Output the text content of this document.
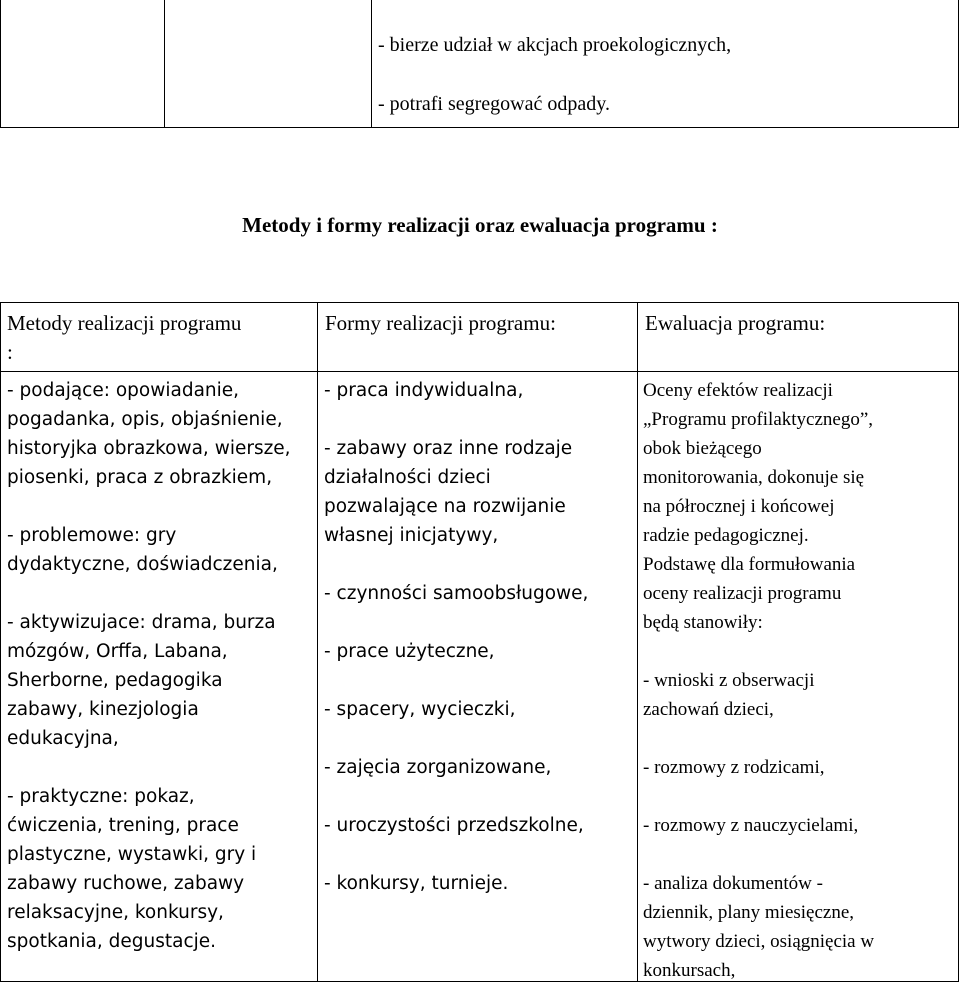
- bierze udział w akcjach proekologicznych,
- potrafi segregować odpady.
Metody i formy realizacji oraz ewaluacja programu :
Metody realizacji programu
:
Formy realizacji programu:	Ewaluacja programu:
- podające: opowiadanie,
pogadanka, opis, objaśnienie,
historyjka obrazkowa, wiersze,
piosenki, praca z obrazkiem,
- problemowe: gry
dydaktyczne, doświadczenia,
- aktywizujace: drama, burza
mózgów, Orffa, Labana,
Sherborne, pedagogika
zabawy, kinezjologia
edukacyjna,
- praktyczne: pokaz,
ćwiczenia, trening, prace
plastyczne, wystawki, gry i
zabawy ruchowe, zabawy
relaksacyjne, konkursy,
spotkania, degustacje.
- praca indywidualna,
- zabawy oraz inne rodzaje
działalności dzieci
pozwalające na rozwijanie
własnej inicjatywy,
- czynności samoobsługowe,
- prace użyteczne,
- spacery, wycieczki,
- zajęcia zorganizowane,
- uroczystości przedszkolne,
- konkursy, turnieje.
Oceny efektów realizacji
„Programu profilaktycznego”,
obok bieżącego
monitorowania, dokonuje się
na półrocznej i końcowej
radzie pedagogicznej.
Podstawę dla formułowania
oceny realizacji programu
będą stanowiły:
- wnioski z obserwacji
zachowań dzieci,
- rozmowy z rodzicami,
- rozmowy z nauczycielami,
- analiza dokumentów -
dziennik, plany miesięczne,
wytwory dzieci, osiągnięcia w
konkursach,
